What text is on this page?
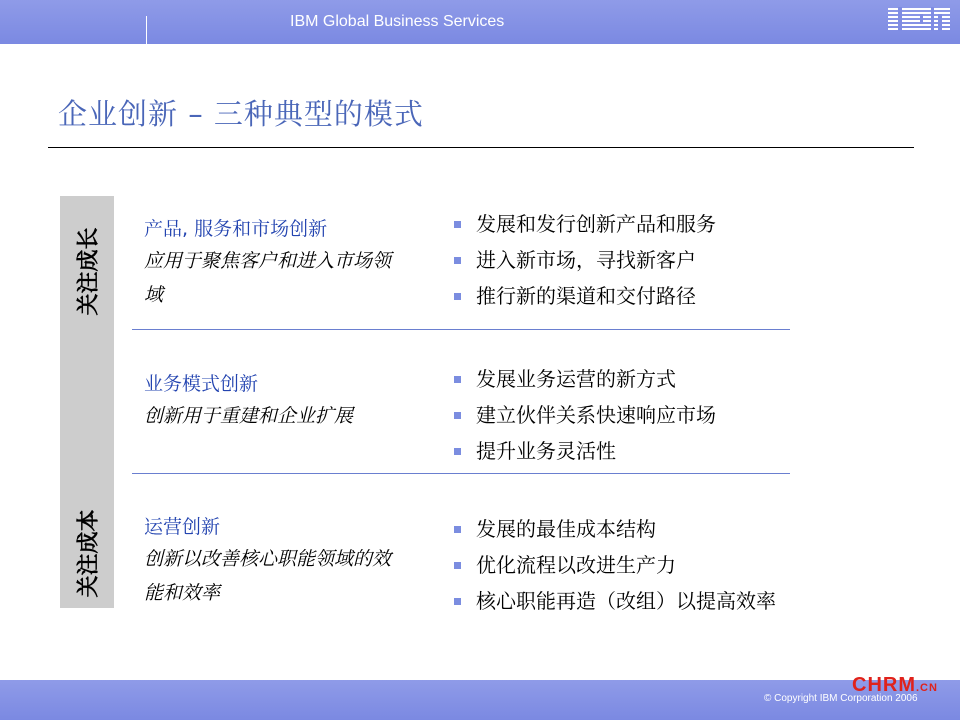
IBM Global Business Services
企业创新 – 三种典型的模式
关注成长
关注成本
产品, 服务和市场创新
应用于聚焦客户和进入市场领域
发展和发行创新产品和服务
进入新市场，寻找新客户
推行新的渠道和交付路径
业务模式创新
创新用于重建和企业扩展
发展业务运营的新方式
建立伙伴关系快速响应市场
提升业务灵活性
运营创新
创新以改善核心职能领域的效能和效率
发展的最佳成本结构
优化流程以改进生产力
核心职能再造（改组）以提高效率
© Copyright IBM Corporation 2006
CHRM.CN
